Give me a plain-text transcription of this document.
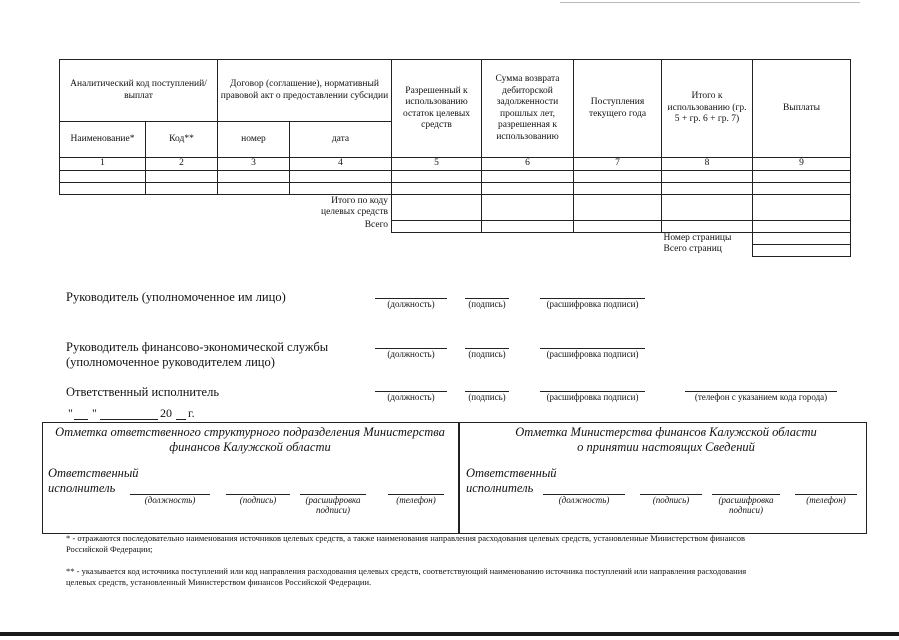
Аналитический код поступлений/выплат		Договор (соглашение), нормативный правовой акт о предоставлении субсидии		Разрешенный к использованию остаток целевых средств	Сумма возврата дебиторской задолженности прошлых лет, разрешенная к использованию	Поступления текущего года	Итого к использованию (гр. 5 + гр. 6 + гр. 7)	Выплаты
Наименование*	Код**	номер	дата					
1	2	3	4	5	6	7	8	9

Итого по коду
целевых средств								

Всего								
							Номер страницы	
							Всего страниц	
Руководитель (уполномоченное им лицо)	(должность)	(подпись)	(расшифровка подписи)
Руководитель финансово-экономической службы
(уполномоченное руководителем лицо)
(должность)	(подпись)	(расшифровка подписи)
Ответственный исполнитель	(должность)	(подпись)	(расшифровка подписи)	(телефон с указанием кода города)
" "	20 г.
Отметка ответственного структурного подразделения Министерства
финансов Калужской области
Отметка Министерства финансов Калужской области
о принятии настоящих Сведений
Ответственный
исполнитель
(должность)	(подпись)	(расшифровка
подписи)
(телефон)
Ответственный
исполнитель
(должность)	(подпись)	(расшифровка
подписи)
(телефон)
* - отражаются последовательно наименования источников целевых средств, а также наименования направления расходования целевых средств, установленные Министерством финансов
Российской Федерации;
** - указывается код источника поступлений или код направления расходования целевых средств, соответствующий наименованию источника поступлений или направления расходования
целевых средств, установленный Министерством финансов Российской Федерации.
